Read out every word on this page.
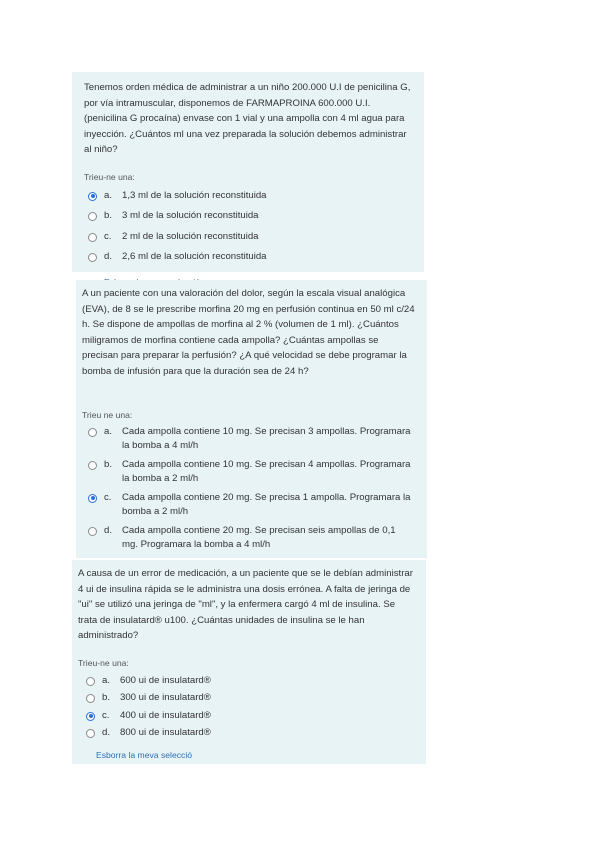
Tenemos orden médica de administrar a un niño 200.000 U.I de penicilina G, por vía intramuscular, disponemos de FARMAPROINA 600.000 U.I. (penicilina G procaína) envase con 1 vial y una ampolla con 4 ml agua para inyección. ¿Cuántos ml una vez preparada la solución debemos administrar al niño?

Trieu-ne una:

a.	1,3 ml de la solución reconstituida
b.	3 ml de la solución reconstituida
c.	2 ml de la solución reconstituida
d.	2,6 ml de la solución reconstituida

A un paciente con una valoración del dolor, según la escala visual analógica (EVA), de 8 se le prescribe morfina 20 mg en perfusión continua en 50 ml c/24 h. Se dispone de ampollas de morfina al 2 % (volumen de 1 ml). ¿Cuántos miligramos de morfina contiene cada ampolla? ¿Cuántas ampollas se precisan para preparar la perfusión? ¿A qué velocidad se debe programar la bomba de infusión para que la duración sea de 24 h?

Trieu ne una:

a.	Cada ampolla contiene 10 mg. Se precisan 3 ampollas. Programara la bomba a 4 ml/h
b.	Cada ampolla contiene 10 mg. Se precisan 4 ampollas. Programara la bomba a 2 ml/h
c.	Cada ampolla contiene 20 mg. Se precisa 1 ampolla. Programara la bomba a 2 ml/h
d.	Cada ampolla contiene 20 mg. Se precisan seis ampollas de 0,1 mg. Programara la bomba a 4 ml/h

A causa de un error de medicación, a un paciente que se le debían administrar 4 ui de insulina rápida se le administra una dosis errónea. A falta de jeringa de "ui" se utilizó una jeringa de "ml", y la enfermera cargó 4 ml de insulina. Se trata de insulatard® u100. ¿Cuántas unidades de insulina se le han administrado?

Trieu-ne una:

a.	600 ui de insulatard®
b.	300 ui de insulatard®
c.	400 ui de insulatard®
d.	800 ui de insulatard®
Esborra la meva selecció
